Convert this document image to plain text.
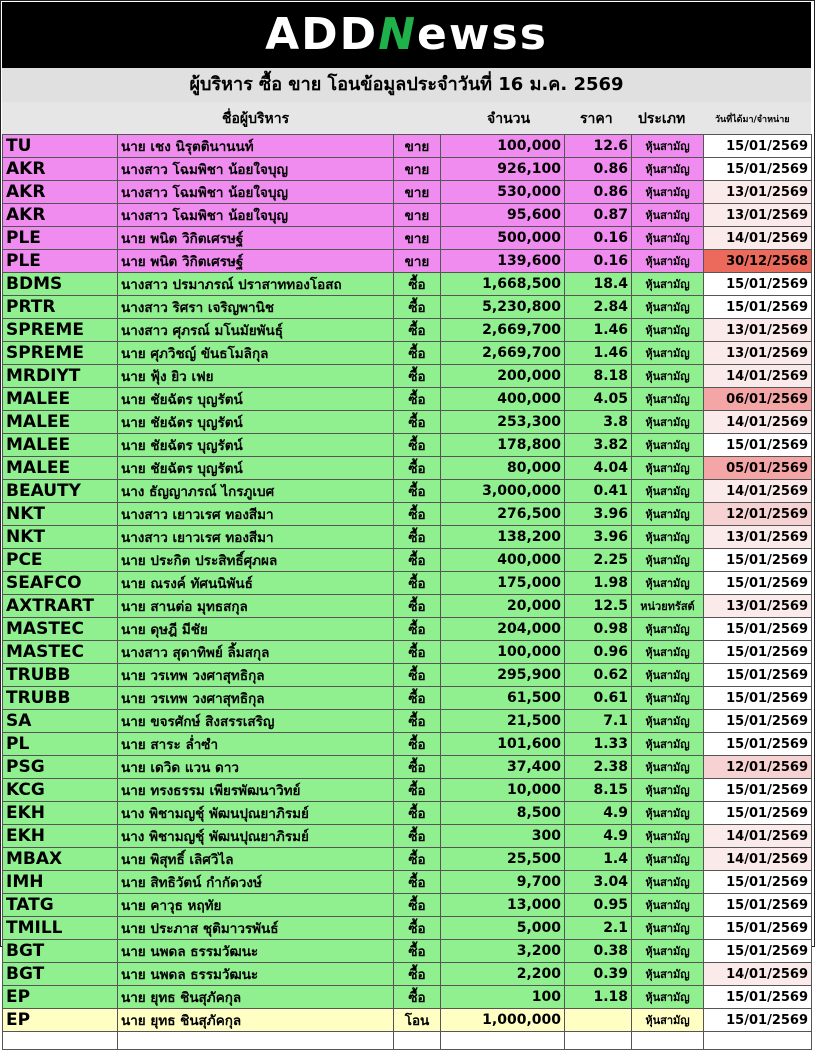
ADDNewss
ผู้บริหาร ซื้อ ขาย โอนข้อมูลประจำวันที่ 16 ม.ค. 2569
ชื่อผู้บริหาร	จำนวน	ราคา ประเภท	วันที่ได้มา/จำหน่าย
TU	นาย เชง นิรุตตินานนท์	ขาย	100,000	12.6	หุ้นสามัญ	15/01/2569
AKR	นางสาว โฉมพิชา น้อยใจบุญ	ขาย	926,100	0.86	หุ้นสามัญ	15/01/2569
AKR	นางสาว โฉมพิชา น้อยใจบุญ	ขาย	530,000	0.86	หุ้นสามัญ	13/01/2569
AKR	นางสาว โฉมพิชา น้อยใจบุญ	ขาย	95,600	0.87	หุ้นสามัญ	13/01/2569
PLE	นาย พนิต วิกิตเศรษฐ์	ขาย	500,000	0.16	หุ้นสามัญ	14/01/2569
PLE	นาย พนิต วิกิตเศรษฐ์	ขาย	139,600	0.16	หุ้นสามัญ	30/12/2568
BDMS	นางสาว ปรมาภรณ์ ปราสาททองโอสถ	ซื้อ	1,668,500	18.4	หุ้นสามัญ	15/01/2569
PRTR	นางสาว ริศรา เจริญพานิช	ซื้อ	5,230,800	2.84	หุ้นสามัญ	15/01/2569
SPREME	นางสาว ศุภรณ์ มโนมัยพันธุ์	ซื้อ	2,669,700	1.46	หุ้นสามัญ	13/01/2569
SPREME	นาย ศุภวิชญ์ ขันธโมลิกุล	ซื้อ	2,669,700	1.46	หุ้นสามัญ	13/01/2569
MRDIYT	นาย ฟุ้ง ยิว เฟย	ซื้อ	200,000	8.18	หุ้นสามัญ	14/01/2569
MALEE	นาย ชัยฉัตร บุญรัตน์	ซื้อ	400,000	4.05	หุ้นสามัญ	06/01/2569
MALEE	นาย ชัยฉัตร บุญรัตน์	ซื้อ	253,300	3.8	หุ้นสามัญ	14/01/2569
MALEE	นาย ชัยฉัตร บุญรัตน์	ซื้อ	178,800	3.82	หุ้นสามัญ	15/01/2569
MALEE	นาย ชัยฉัตร บุญรัตน์	ซื้อ	80,000	4.04	หุ้นสามัญ	05/01/2569
BEAUTY	นาง ธัญญาภรณ์ ไกรภูเบศ	ซื้อ	3,000,000	0.41	หุ้นสามัญ	14/01/2569
NKT	นางสาว เยาวเรศ ทองสีมา	ซื้อ	276,500	3.96	หุ้นสามัญ	12/01/2569
NKT	นางสาว เยาวเรศ ทองสีมา	ซื้อ	138,200	3.96	หุ้นสามัญ	13/01/2569
PCE	นาย ประกิต ประสิทธิ์ศุภผล	ซื้อ	400,000	2.25	หุ้นสามัญ	15/01/2569
SEAFCO	นาย ณรงค์ ทัศนนิพันธ์	ซื้อ	175,000	1.98	หุ้นสามัญ	15/01/2569
AXTRART	นาย สานต่อ มุทธสกุล	ซื้อ	20,000	12.5	หน่วยทรัสต์	13/01/2569
MASTEC	นาย ดุษฎี มีชัย	ซื้อ	204,000	0.98	หุ้นสามัญ	15/01/2569
MASTEC	นางสาว สุดาทิพย์ ลิ้มสกุล	ซื้อ	100,000	0.96	หุ้นสามัญ	15/01/2569
TRUBB	นาย วรเทพ วงศาสุทธิกุล	ซื้อ	295,900	0.62	หุ้นสามัญ	15/01/2569
TRUBB	นาย วรเทพ วงศาสุทธิกุล	ซื้อ	61,500	0.61	หุ้นสามัญ	15/01/2569
SA	นาย ขจรศักษ์ สิงสรรเสริญ	ซื้อ	21,500	7.1	หุ้นสามัญ	15/01/2569
PL	นาย สาระ ล่ำซำ	ซื้อ	101,600	1.33	หุ้นสามัญ	15/01/2569
PSG	นาย เดวิด แวน ดาว	ซื้อ	37,400	2.38	หุ้นสามัญ	12/01/2569
KCG	นาย ทรงธรรม เพียรพัฒนาวิทย์	ซื้อ	10,000	8.15	หุ้นสามัญ	15/01/2569
EKH	นาง พิชามญชุ์ พัฒนปุณยาภิรมย์	ซื้อ	8,500	4.9	หุ้นสามัญ	15/01/2569
EKH	นาง พิชามญชุ์ พัฒนปุณยาภิรมย์	ซื้อ	300	4.9	หุ้นสามัญ	14/01/2569
MBAX	นาย พิสุทธิ์ เลิศวิไล	ซื้อ	25,500	1.4	หุ้นสามัญ	14/01/2569
IMH	นาย สิทธิวัตน์ กำกัดวงษ์	ซื้อ	9,700	3.04	หุ้นสามัญ	15/01/2569
TATG	นาย คาวุธ หฤทัย	ซื้อ	13,000	0.95	หุ้นสามัญ	15/01/2569
TMILL	นาย ประภาส ชุติมาวรพันธ์	ซื้อ	5,000	2.1	หุ้นสามัญ	15/01/2569
BGT	นาย นพดล ธรรมวัฒนะ	ซื้อ	3,200	0.38	หุ้นสามัญ	15/01/2569
BGT	นาย นพดล ธรรมวัฒนะ	ซื้อ	2,200	0.39	หุ้นสามัญ	14/01/2569
EP	นาย ยุทธ ชินสุภัคกุล	ซื้อ	100	1.18	หุ้นสามัญ	15/01/2569
EP	นาย ยุทธ ชินสุภัคกุล	โอน	1,000,000		หุ้นสามัญ	15/01/2569
